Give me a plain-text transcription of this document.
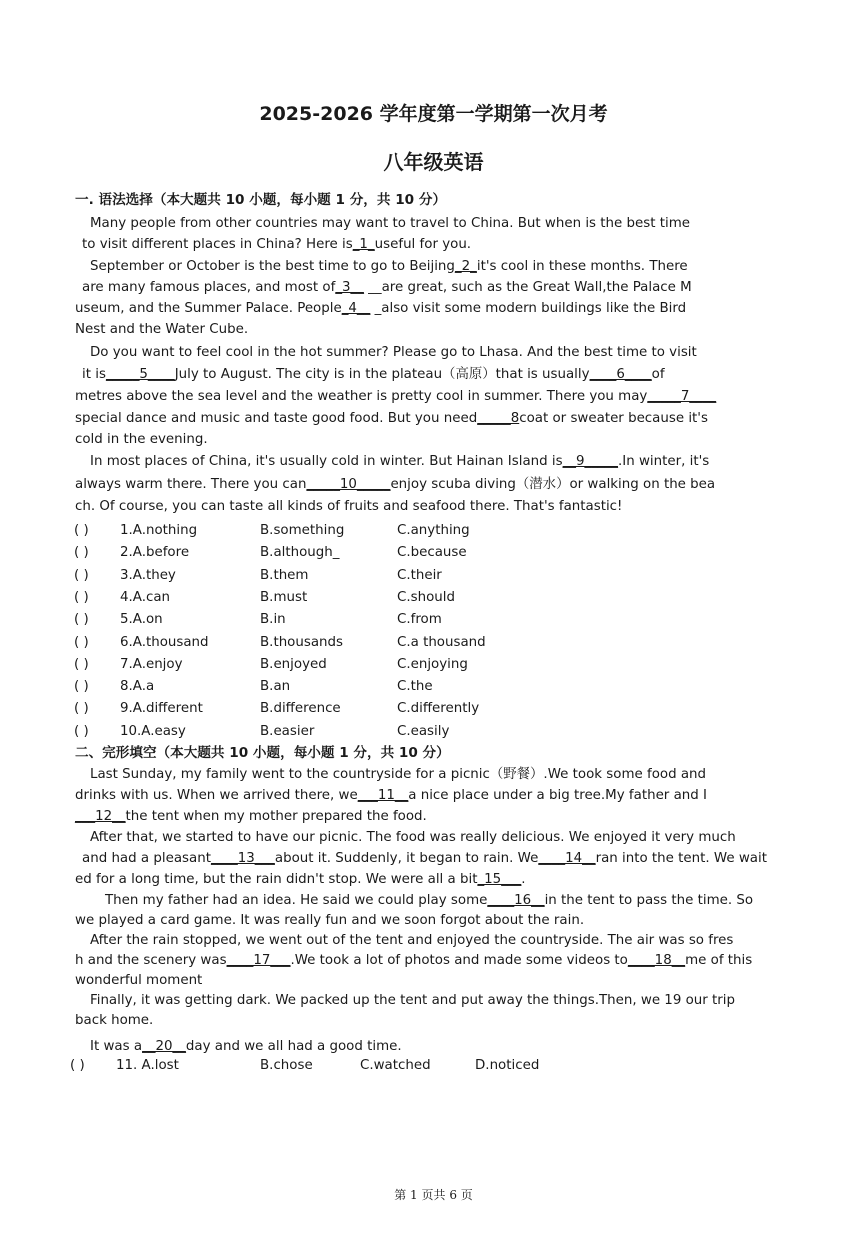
2025-2026 学年度第一学期第一次月考
八年级英语
一. 语法选择（本大题共 10 小题，每小题 1 分，共 10 分）
Many people from other countries may want to travel to China. But when is the best time
to visit different places in China? Here is_1_useful for you.
September or October is the best time to go to Beijing_2_it's cool in these months. There
are many famous places, and most of_3__ __are great, such as the Great Wall,the Palace M
useum, and the Summer Palace. People_4__ _also visit some modern buildings like the Bird
Nest and the Water Cube.
Do you want to feel cool in the hot summer? Please go to Lhasa. And the best time to visit
it is_____5____July to August. The city is in the plateau（高原）that is usually____6____of
metres above the sea level and the weather is pretty cool in summer. There you may_____7____
special dance and music and taste good food. But you need_____8coat or sweater because it's
cold in the evening.
In most places of China, it's usually cold in winter. But Hainan Island is__9_____.In winter, it's
always warm there. There you can_____10_____enjoy scuba diving（潜水）or walking on the bea
ch. Of course, you can taste all kinds of fruits and seafood there. That's fantastic!
( ) 1.A.nothing	B.something	C.anything
( ) 2.A.before	B.although_	C.because
( ) 3.A.they	B.them	C.their
( ) 4.A.can	B.must	C.should
( ) 5.A.on	B.in	C.from
( ) 6.A.thousand	B.thousands	C.a thousand
( ) 7.A.enjoy	B.enjoyed	C.enjoying
( ) 8.A.a	B.an	C.the
( ) 9.A.different	B.difference	C.differently
( ) 10.A.easy	B.easier	C.easily
二、完形填空（本大题共 10 小题，每小题 1 分，共 10 分）
Last Sunday, my family went to the countryside for a picnic（野餐）.We took some food and
drinks with us. When we arrived there, we___11__a nice place under a big tree.My father and I
___12__the tent when my mother prepared the food.
After that, we started to have our picnic. The food was really delicious. We enjoyed it very much
and had a pleasant____13___about it. Suddenly, it began to rain. We____14__ran into the tent. We wait
ed for a long time, but the rain didn't stop. We were all a bit_15___.
Then my father had an idea. He said we could play some____16__in the tent to pass the time. So
we played a card game. It was really fun and we soon forgot about the rain.
After the rain stopped, we went out of the tent and enjoyed the countryside. The air was so fres
h and the scenery was____17___.We took a lot of photos and made some videos to____18__me of this
wonderful moment
Finally, it was getting dark. We packed up the tent and put away the things.Then, we 19 our trip
back home.
It was a__20__day and we all had a good time.
( ) 11. A.lost	B.chose	C.watched	D.noticed
第 1 页共 6 页
